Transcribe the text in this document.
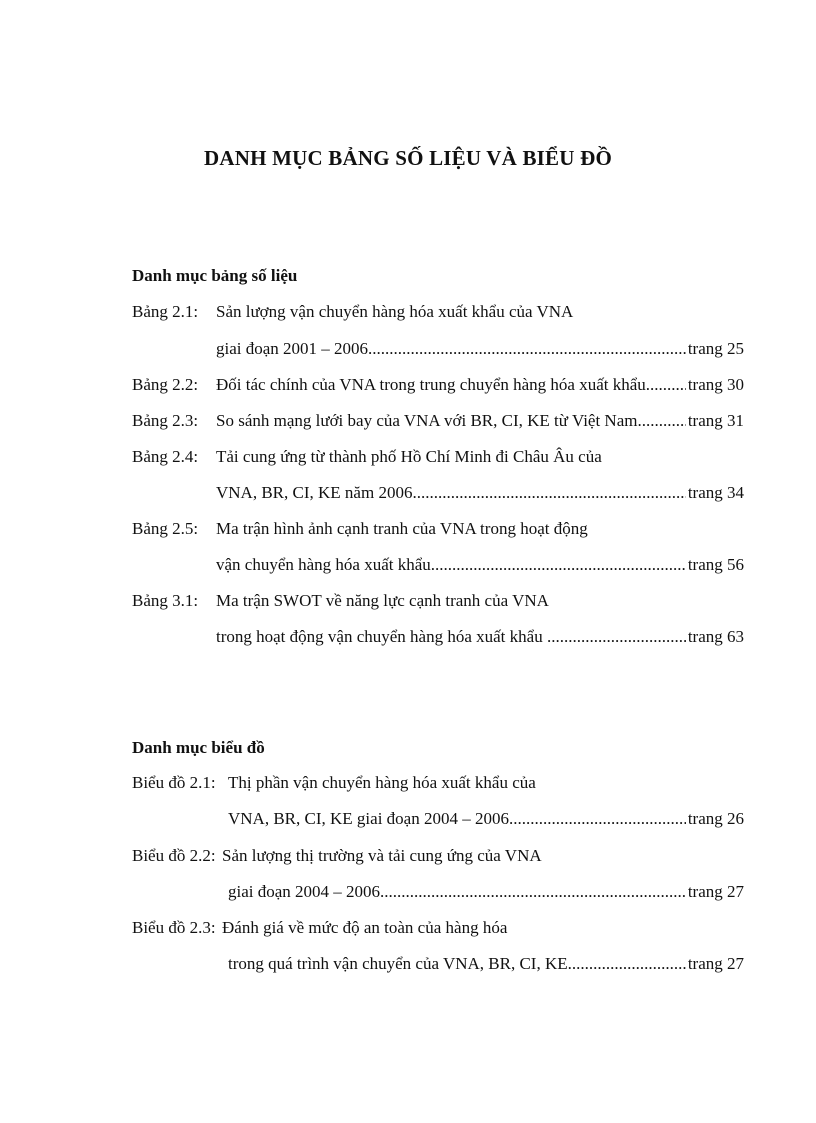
DANH MỤC BẢNG SỐ LIỆU VÀ BIỂU ĐỒ
Danh mục bảng số liệu
Bảng 2.1: Sản lượng vận chuyển hàng hóa xuất khẩu của VNA
giai đoạn 2001 – 2006. .....	trang 25
Bảng 2.2:	Đối tác chính của VNA trong trung chuyển hàng hóa xuất khẩu ..... trang 30
Bảng 2.3:	So sánh mạng lưới bay của VNA với BR, CI, KE từ Việt Nam .....	trang 31
Bảng 2.4: Tải cung ứng từ thành phố Hồ Chí Minh đi Châu Âu của
VNA, BR, CI, KE năm 2006 .....	trang 34
Bảng 2.5: Ma trận hình ảnh cạnh tranh của VNA trong hoạt động
vận chuyển hàng hóa xuất khẩu .....	trang 56
Bảng 3.1: Ma trận SWOT về năng lực cạnh tranh của VNA
trong hoạt động vận chuyển hàng hóa xuất khẩu .....	trang 63
Danh mục biểu đồ
Biểu đồ 2.1: Thị phần vận chuyển hàng hóa xuất khẩu của
VNA, BR, CI, KE giai đoạn 2004 – 2006 .....	trang 26
Biểu đồ 2.2: Sản lượng thị trường và tải cung ứng của VNA
giai đoạn 2004 – 2006 .....	trang 27
Biểu đồ 2.3: Đánh giá về mức độ an toàn của hàng hóa
trong quá trình vận chuyển của VNA, BR, CI, KE .....	trang 27
